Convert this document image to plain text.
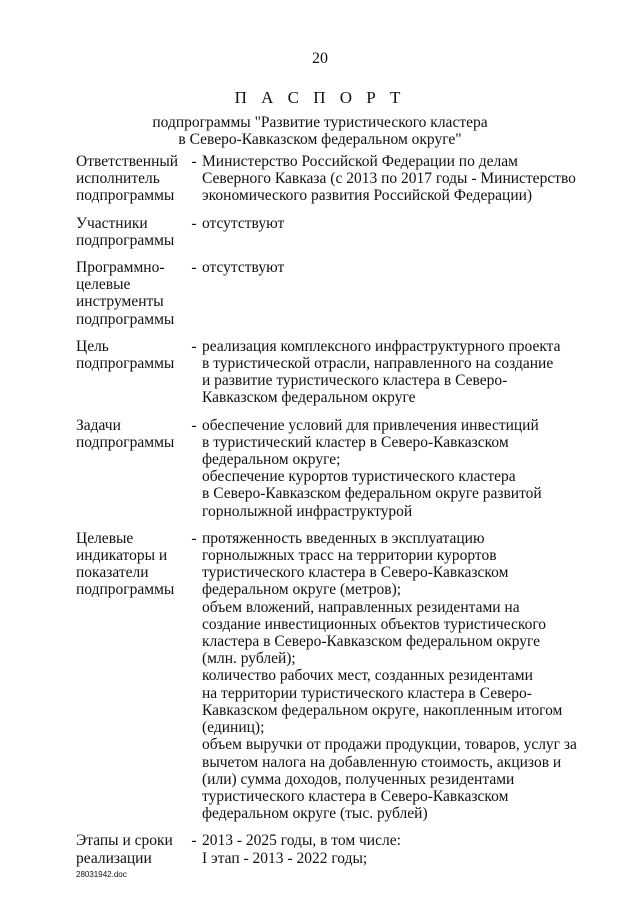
20
П А С П О Р Т
подпрограммы "Развитие туристического кластера
в Северо-Кавказском федеральном округе"
Ответственный
исполнитель
подпрограммы
- Министерство Российской Федерации по делам
Северного Кавказа (с 2013 по 2017 годы - Министерство
экономического развития Российской Федерации)
Участники
подпрограммы
- отсутствуют
Программно-
целевые
инструменты
подпрограммы
- отсутствуют
Цель
подпрограммы
- реализация комплексного инфраструктурного проекта
в туристической отрасли, направленного на создание
и развитие туристического кластера в Северо-
Кавказском федеральном округе
Задачи
подпрограммы
- обеспечение условий для привлечения инвестиций
в туристический кластер в Северо-Кавказском
федеральном округе;
обеспечение курортов туристического кластера
в Северо-Кавказском федеральном округе развитой
горнолыжной инфраструктурой
Целевые
индикаторы и
показатели
подпрограммы
- протяженность введенных в эксплуатацию
горнолыжных трасс на территории курортов
туристического кластера в Северо-Кавказском
федеральном округе (метров);
объем вложений, направленных резидентами на
создание инвестиционных объектов туристического
кластера в Северо-Кавказском федеральном округе
(млн. рублей);
количество рабочих мест, созданных резидентами
на территории туристического кластера в Северо-
Кавказском федеральном округе, накопленным итогом
(единиц);
объем выручки от продажи продукции, товаров, услуг за
вычетом налога на добавленную стоимость, акцизов и
(или) сумма доходов, полученных резидентами
туристического кластера в Северо-Кавказском
федеральном округе (тыс. рублей)
Этапы и сроки
реализации
- 2013 - 2025 годы, в том числе:
I этап - 2013 - 2022 годы;
28031942.doc
